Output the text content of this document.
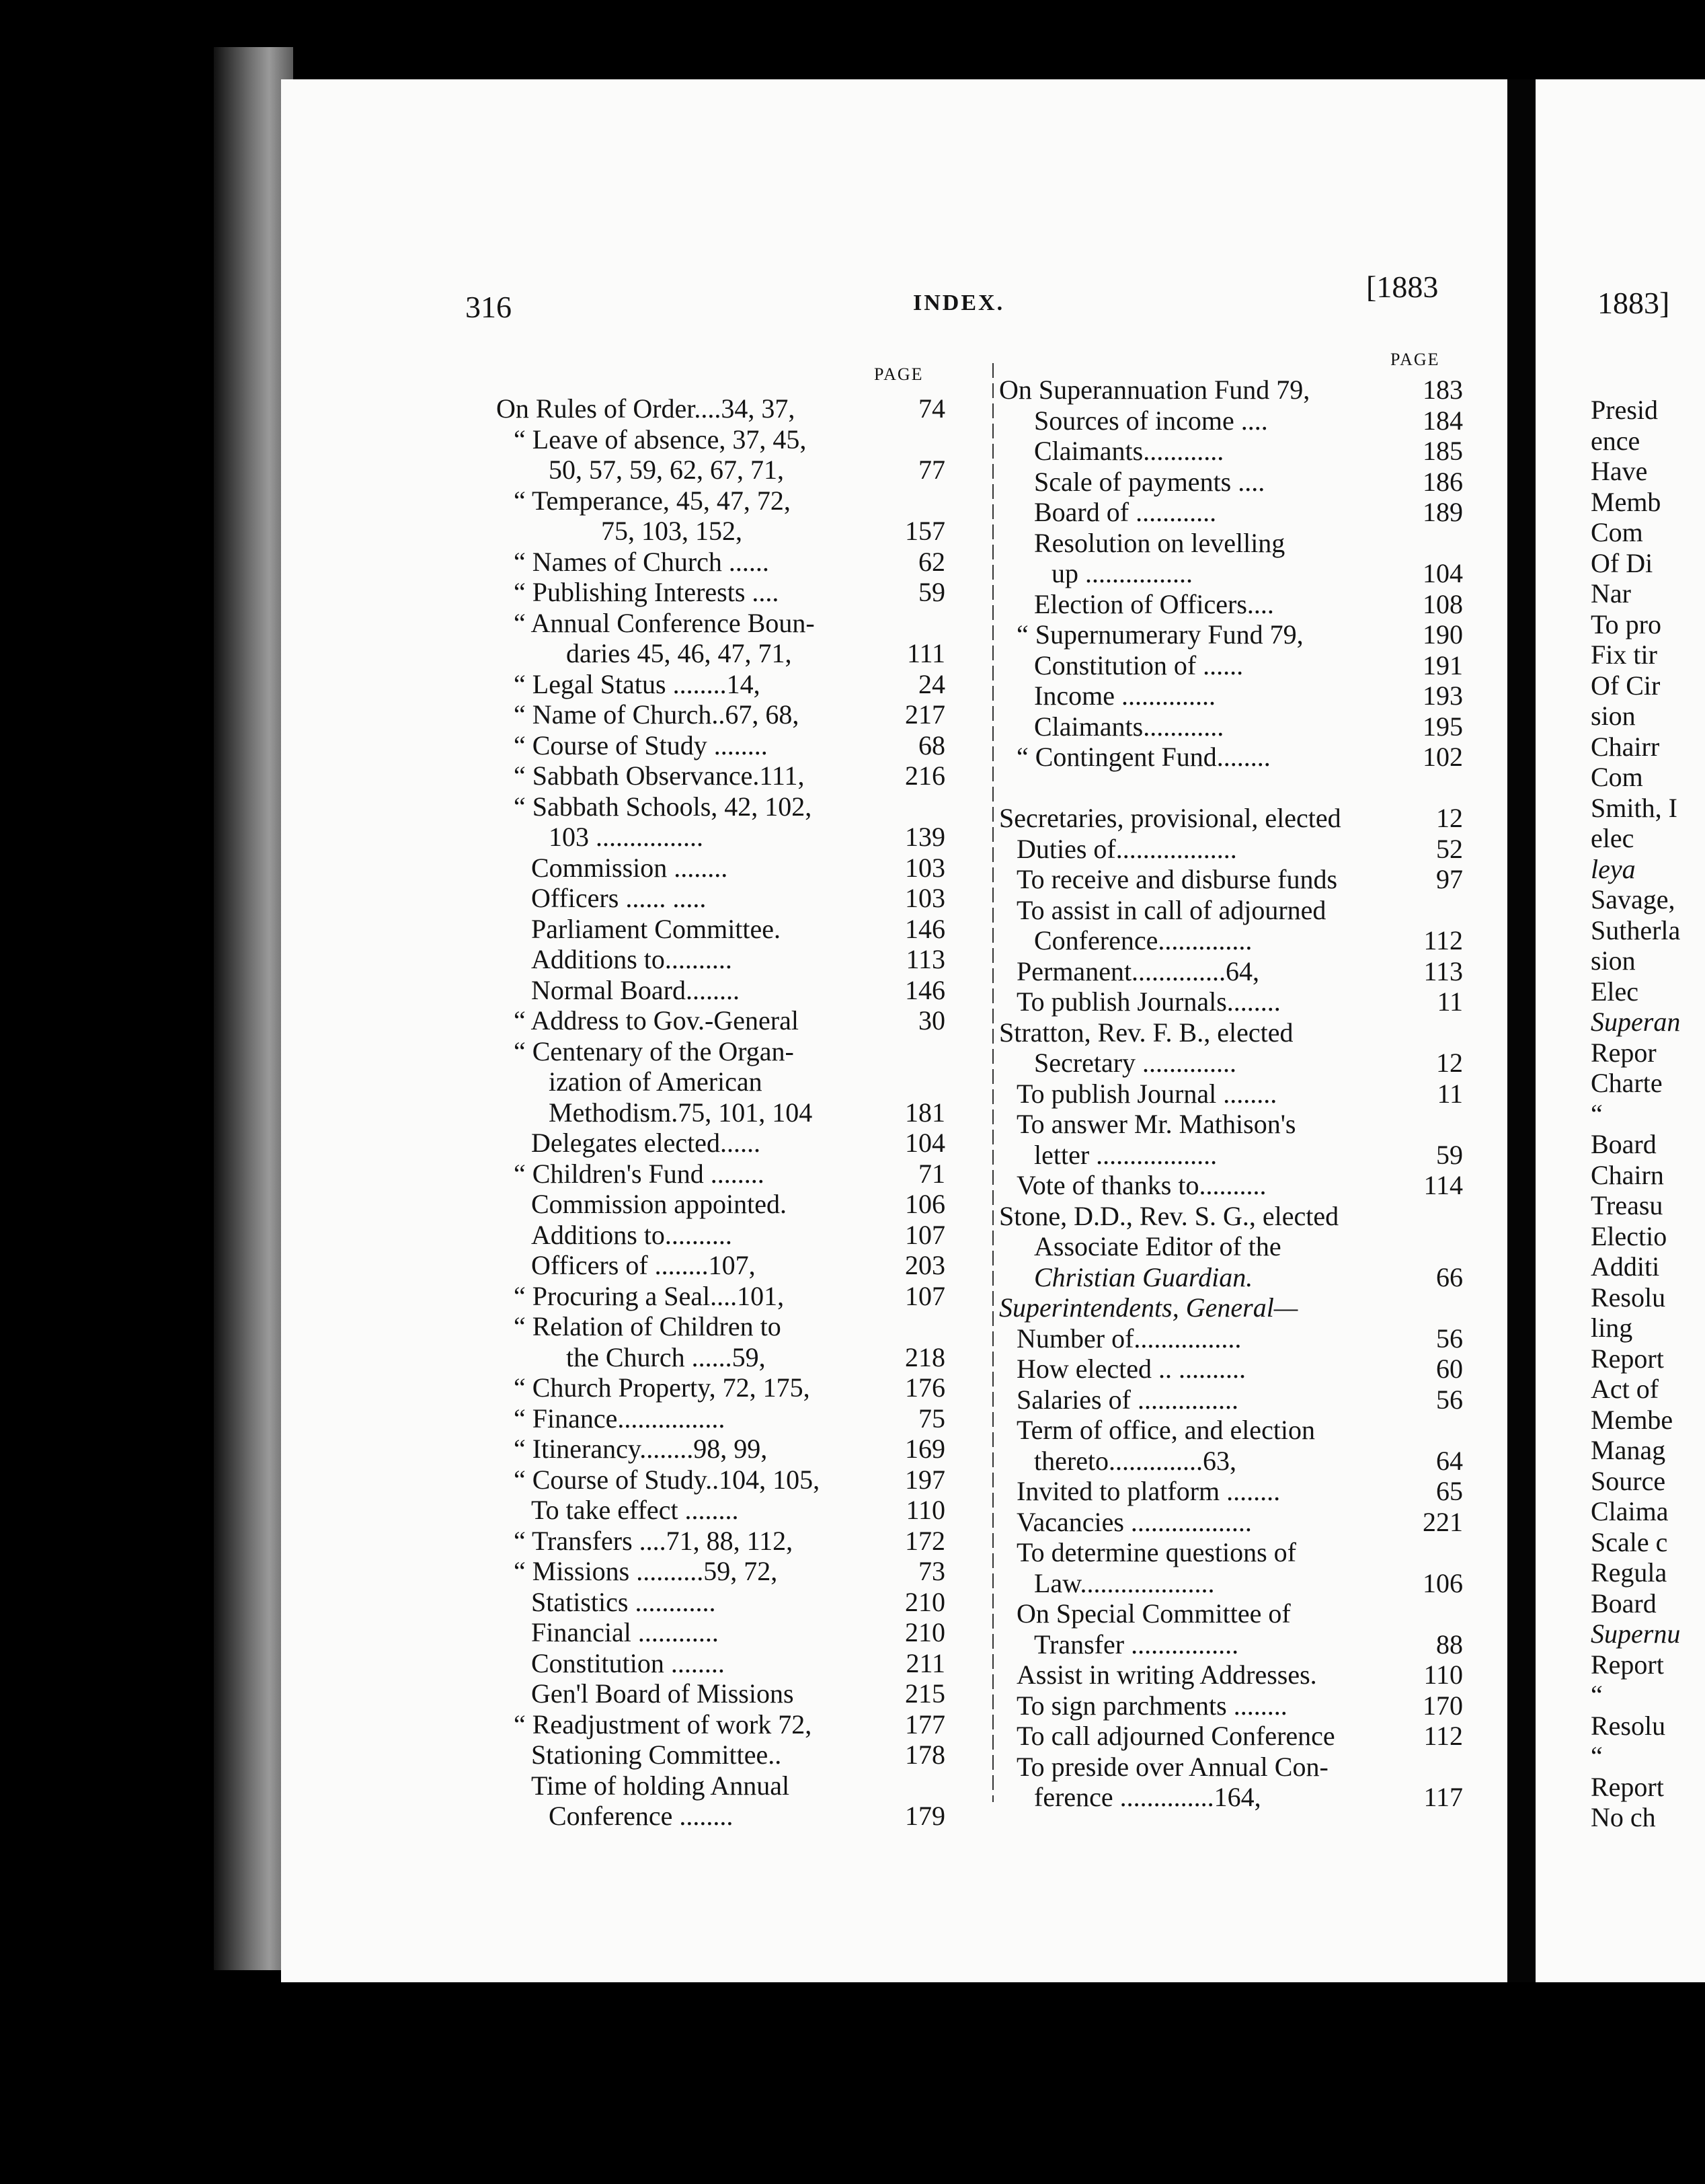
316	INDEX.	[1883	1883]
PAGE
PAGE
On Rules of Order....34, 37,	74
“ Leave of absence, 37, 45,
50, 57, 59, 62, 67, 71,	77
“ Temperance, 45, 47, 72,
75, 103, 152,	157
“ Names of Church ......	62
“ Publishing Interests ....	59
“ Annual Conference Boun-
daries 45, 46, 47, 71,	111
“ Legal Status ........14,	24
“ Name of Church..67, 68,	217
“ Course of Study ........	68
“ Sabbath Observance.111,	216
“ Sabbath Schools, 42, 102,
103 ................	139
Commission ........	103
Officers ...... .....	103
Parliament Committee.	146
Additions to..........	113
Normal Board........	146
“ Address to Gov.-General	30
“ Centenary of the Organ-
ization of American
Methodism.75, 101, 104	181
Delegates elected......	104
“ Children's Fund ........	71
Commission appointed.	106
Additions to..........	107
Officers of ........107,	203
“ Procuring a Seal....101,	107
“ Relation of Children to
the Church ......59,	218
“ Church Property, 72, 175,	176
“ Finance................	75
“ Itinerancy........98, 99,	169
“ Course of Study..104, 105,	197
To take effect ........	110
“ Transfers ....71, 88, 112,	172
“ Missions ..........59, 72,	73
Statistics ............	210
Financial ............	210
Constitution ........	211
Gen'l Board of Missions	215
“ Readjustment of work 72,	177
Stationing Committee..	178
Time of holding Annual
Conference ........	179
On Superannuation Fund 79,	183
Sources of income ....	184
Claimants............	185
Scale of payments ....	186
Board of ............	189
Resolution on levelling
up ................	104
Election of Officers....	108
“ Supernumerary Fund 79,	190
Constitution of ......	191
Income ..............	193
Claimants............	195
“ Contingent Fund........	102
Secretaries, provisional, elected	12
Duties of..................	52
To receive and disburse funds	97
To assist in call of adjourned
Conference..............	112
Permanent..............64,	113
To publish Journals........	11
Stratton, Rev. F. B., elected
Secretary ..............	12
To publish Journal ........	11
To answer Mr. Mathison's
letter ..................	59
Vote of thanks to..........	114
Stone, D.D., Rev. S. G., elected
Associate Editor of the
Christian Guardian.	66
Superintendents, General—
Number of................	56
How elected .. ..........	60
Salaries of ...............	56
Term of office, and election
thereto..............63,	64
Invited to platform ........	65
Vacancies ..................	221
To determine questions of
Law....................	106
On Special Committee of
Transfer ................	88
Assist in writing Addresses.	110
To sign parchments ........	170
To call adjourned Conference	112
To preside over Annual Con-
ference ..............164,	117
Presid
ence
Have
Memb
Com
Of Di
Nar
To pro
Fix tir
Of Cir
sion
Chairr
Com
Smith, I
elec
leya
Savage,
Sutherla
sion
Elec
Superan
Repor
Charte
“
Board
Chairn
Treasu
Electio
Additi
Resolu
ling
Report
Act of
Membe
Manag
Source
Claima
Scale c
Regula
Board
Supernu
Report
“
Resolu
“
Report
No ch
